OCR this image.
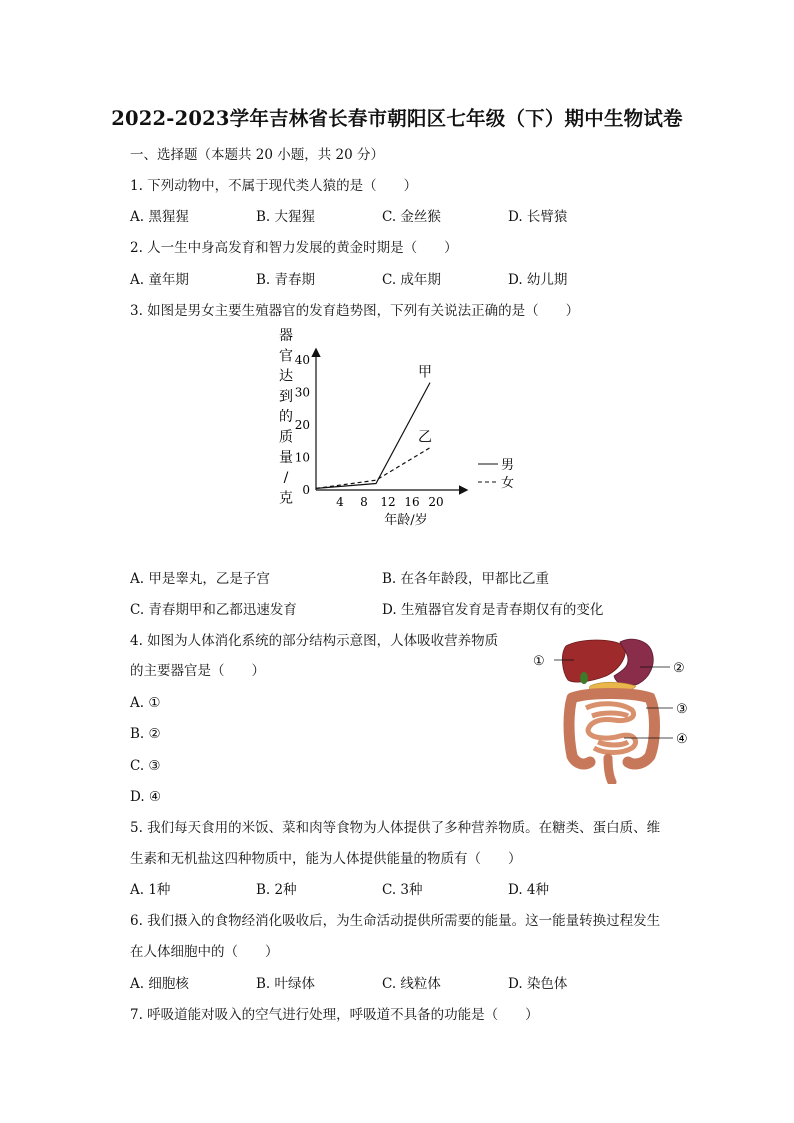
2022-2023学年吉林省长春市朝阳区七年级（下）期中生物试卷
一、选择题（本题共 20 小题，共 20 分）
1. 下列动物中，不属于现代类人猿的是（　　）
A. 黑猩猩	B. 大猩猩	C. 金丝猴	D. 长臂猿
2. 人一生中身高发育和智力发展的黄金时期是（　　）
A. 童年期	B. 青春期	C. 成年期	D. 幼儿期
3. 如图是男女主要生殖器官的发育趋势图，下列有关说法正确的是（　　）
器
官
达
到
的
质
量
/
克
0
10
20
30
40
4 8 12 16 20
年龄/岁
甲
乙
男
女
A. 甲是睾丸，乙是子宫	B. 在各年龄段，甲都比乙重
C. 青春期甲和乙都迅速发育	D. 生殖器官发育是青春期仅有的变化
4. 如图为人体消化系统的部分结构示意图，人体吸收营养物质
的主要器官是（　　）
A. ①
B. ②
C. ③
D. ④
①	②
③
④
5. 我们每天食用的米饭、菜和肉等食物为人体提供了多种营养物质。在糖类、蛋白质、维
生素和无机盐这四种物质中，能为人体提供能量的物质有（　　）
A. 1种	B. 2种	C. 3种	D. 4种
6. 我们摄入的食物经消化吸收后，为生命活动提供所需要的能量。这一能量转换过程发生
在人体细胞中的（　　）
A. 细胞核	B. 叶绿体	C. 线粒体	D. 染色体
7. 呼吸道能对吸入的空气进行处理，呼吸道不具备的功能是（　　）
